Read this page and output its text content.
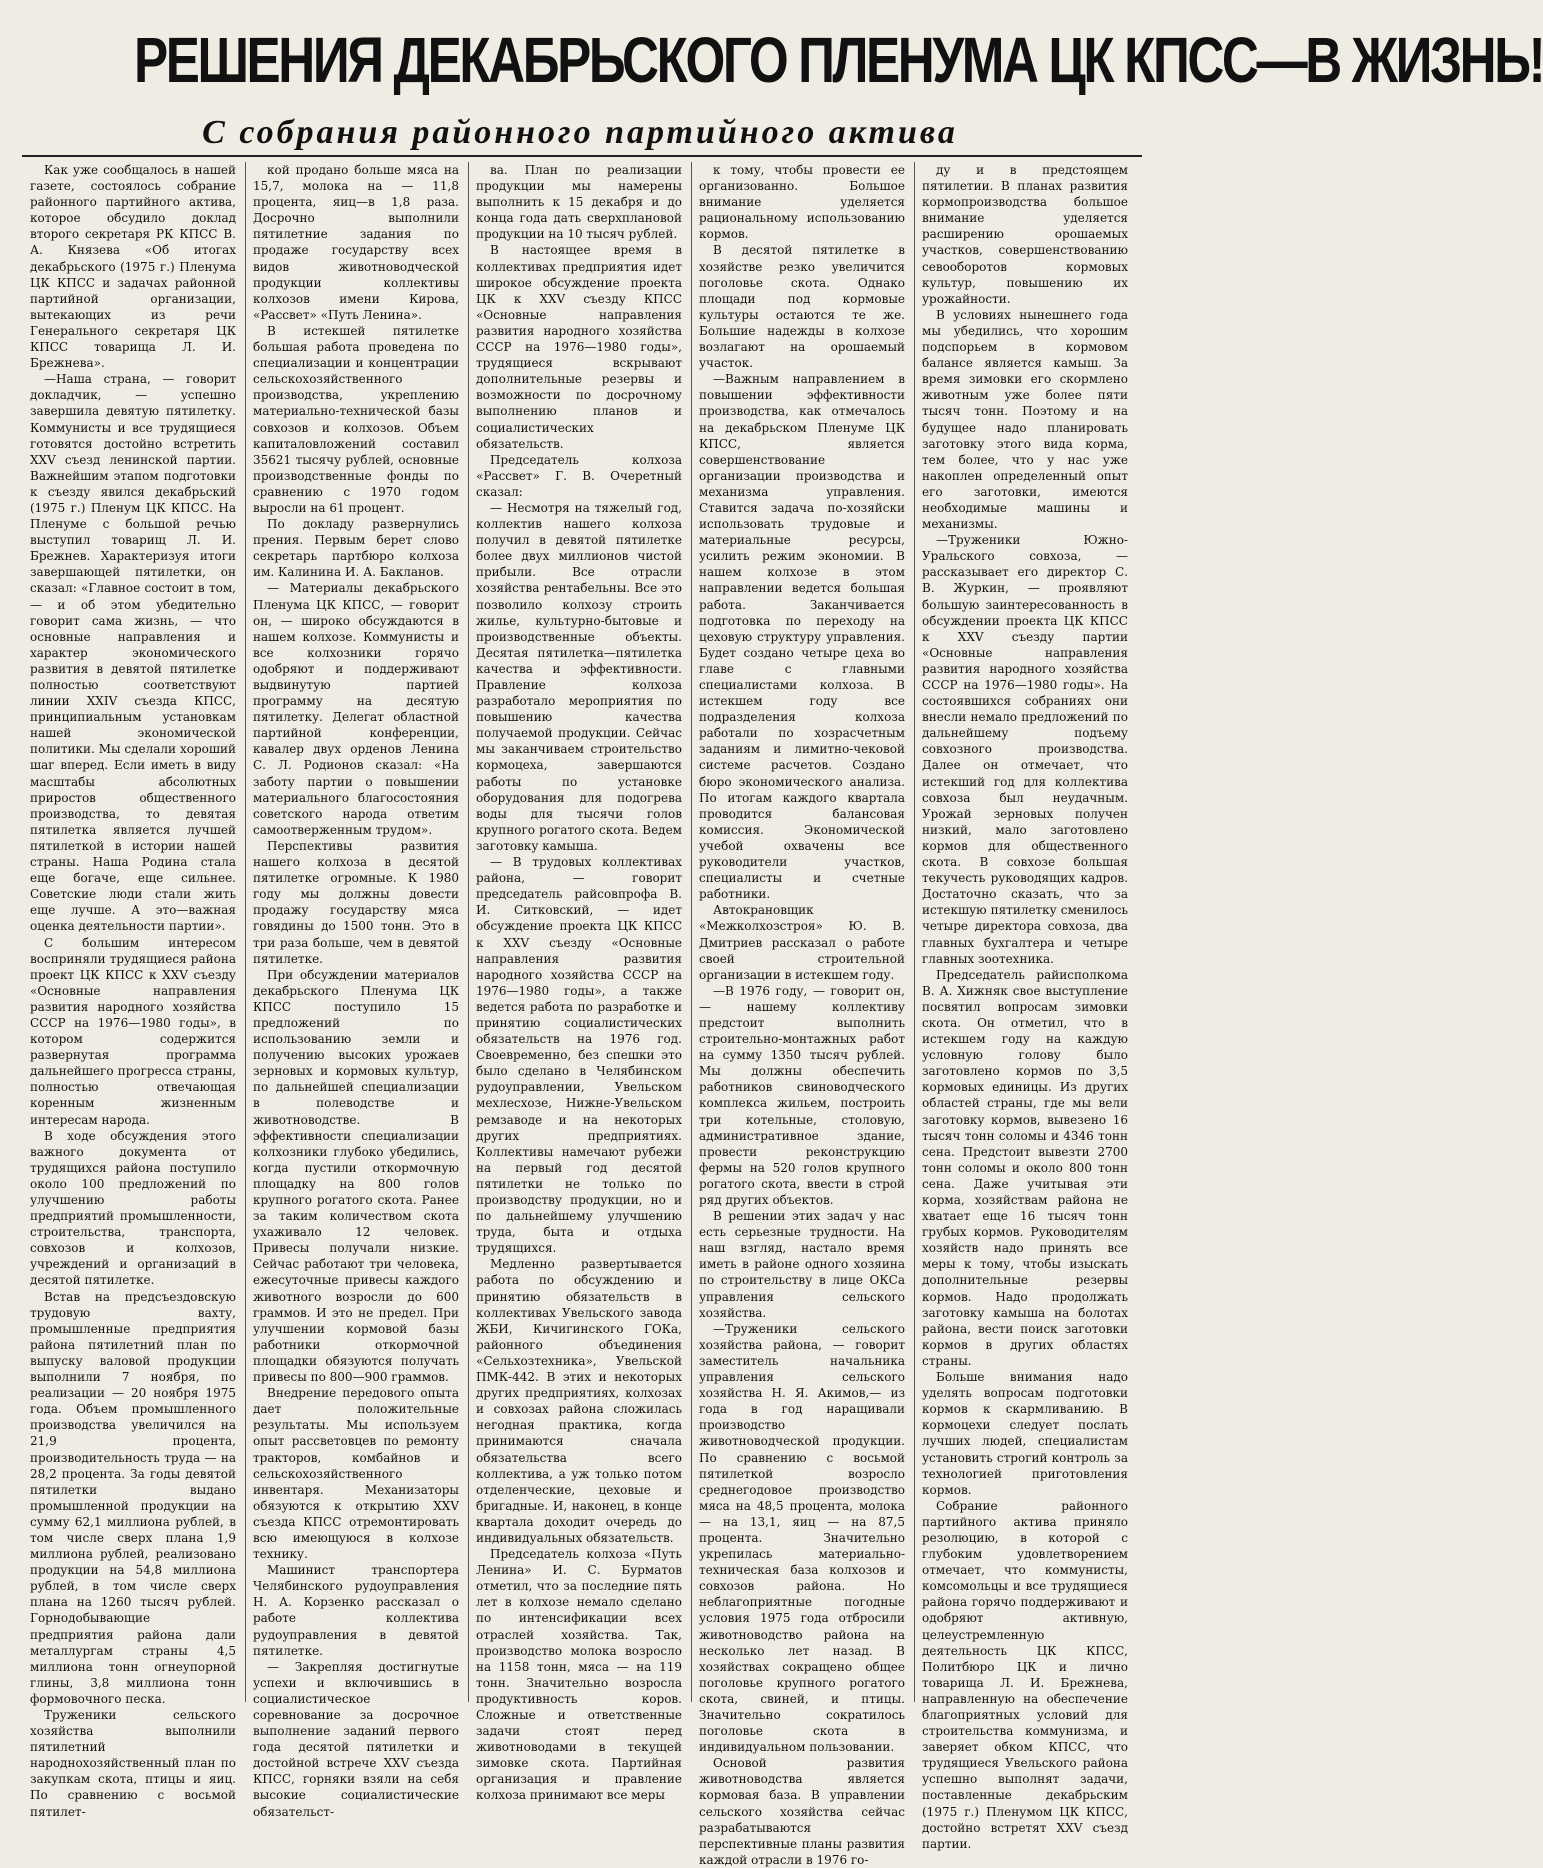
РЕШЕНИЯ ДЕКАБРЬСКОГО ПЛЕНУМА ЦК КПСС—В ЖИЗНЬ!
С собрания районного партийного актива

Как уже сообщалось в нашей газете, состоялось собрание районного партийного актива, которое обсудило доклад второго секретаря РК КПСС В. А. Князева «Об итогах декабрьского (1975 г.) Пленума ЦК КПСС и задачах районной партийной организации, вытекающих из речи Генерального секретаря ЦК КПСС товарища Л. И. Брежнева».

—Наша страна, — говорит докладчик, — успешно завершила девятую пятилетку. Коммунисты и все трудящиеся готовятся достойно встретить XXV съезд ленинской партии. Важнейшим этапом подготовки к съезду явился декабрьский (1975 г.) Пленум ЦК КПСС. На Пленуме с большой речью выступил товарищ Л. И. Брежнев. Характеризуя итоги завершающей пятилетки, он сказал: «Главное состоит в том, — и об этом убедительно говорит сама жизнь, — что основные направления и характер экономического развития в девятой пятилетке полностью соответствуют линии XXIV съезда КПСС, принципиальным установкам нашей экономической политики. Мы сделали хороший шаг вперед. Если иметь в виду масштабы абсолютных приростов общественного производства, то девятая пятилетка является лучшей пятилеткой в истории нашей страны. Наша Родина стала еще богаче, еще сильнее. Советские люди стали жить еще лучше. А это—важная оценка деятельности партии».

С большим интересом восприняли трудящиеся района проект ЦК КПСС к XXV съезду «Основные направления развития народного хозяйства СССР на 1976—1980 годы», в котором содержится развернутая программа дальнейшего прогресса страны, полностью отвечающая коренным жизненным интересам народа.

В ходе обсуждения этого важного документа от трудящихся района поступило около 100 предложений по улучшению работы предприятий промышленности, строительства, транспорта, совхозов и колхозов, учреждений и организаций в десятой пятилетке.

Встав на предсъездовскую трудовую вахту, промышленные предприятия района пятилетний план по выпуску валовой продукции выполнили 7 ноября, по реализации — 20 ноября 1975 года. Объем промышленного производства увеличился на 21,9 процента, производительность труда — на 28,2 процента. За годы девятой пятилетки выдано промышленной продукции на сумму 62,1 миллиона рублей, в том числе сверх плана 1,9 миллиона рублей, реализовано продукции на 54,8 миллиона рублей, в том числе сверх плана на 1260 тысяч рублей. Горнодобывающие предприятия района дали металлургам страны 4,5 миллиона тонн огнеупорной глины, 3,8 миллиона тонн формовочного песка.

Труженики сельского хозяйства выполнили пятилетний народнохозяйственный план по закупкам скота, птицы и яиц. По сравнению с восьмой пятилет-

кой продано больше мяса на 15,7, молока на — 11,8 процента, яиц—в 1,8 раза. Досрочно выполнили пятилетние задания по продаже государству всех видов животноводческой продукции коллективы колхозов имени Кирова, «Рассвет» «Путь Ленина».

В истекшей пятилетке большая работа проведена по специализации и концентрации сельскохозяйственного производства, укреплению материально-технической базы совхозов и колхозов. Объем капиталовложений составил 35621 тысячу рублей, основные производственные фонды по сравнению с 1970 годом выросли на 61 процент.

По докладу развернулись прения. Первым берет слово секретарь партбюро колхоза им. Калинина И. А. Бакланов.

— Материалы декабрьского Пленума ЦК КПСС, — говорит он, — широко обсуждаются в нашем колхозе. Коммунисты и все колхозники горячо одобряют и поддерживают выдвинутую партией программу на десятую пятилетку. Делегат областной партийной конференции, кавалер двух орденов Ленина С. Л. Родионов сказал: «На заботу партии о повышении материального благосостояния советского народа ответим самоотверженным трудом».

Перспективы развития нашего колхоза в десятой пятилетке огромные. К 1980 году мы должны довести продажу государству мяса говядины до 1500 тонн. Это в три раза больше, чем в девятой пятилетке.

При обсуждении материалов декабрьского Пленума ЦК КПСС поступило 15 предложений по использованию земли и получению высоких урожаев зерновых и кормовых культур, по дальнейшей специализации в полеводстве и животноводстве. В эффективности специализации колхозники глубоко убедились, когда пустили откормочную площадку на 800 голов крупного рогатого скота. Ранее за таким количеством скота ухаживало 12 человек. Привесы получали низкие. Сейчас работают три человека, ежесуточные привесы каждого животного возросли до 600 граммов. И это не предел. При улучшении кормовой базы работники откормочной площадки обязуются получать привесы по 800—900 граммов.

Внедрение передового опыта дает положительные результаты. Мы используем опыт рассветовцев по ремонту тракторов, комбайнов и сельскохозяйственного инвентаря. Механизаторы обязуются к открытию XXV съезда КПСС отремонтировать всю имеющуюся в колхозе технику.

Машинист транспортера Челябинского рудоуправления Н. А. Корзенко рассказал о работе коллектива рудоуправления в девятой пятилетке.

— Закрепляя достигнутые успехи и включившись в социалистическое соревнование за досрочное выполнение заданий первого года десятой пятилетки и достойной встрече XXV съезда КПСС, горняки взяли на себя высокие социалистические обязательст-

ва. План по реализации продукции мы намерены выполнить к 15 декабря и до конца года дать сверхплановой продукции на 10 тысяч рублей.

В настоящее время в коллективах предприятия идет широкое обсуждение проекта ЦК к XXV съезду КПСС «Основные направления развития народного хозяйства СССР на 1976—1980 годы», трудящиеся вскрывают дополнительные резервы и возможности по досрочному выполнению планов и социалистических обязательств.

Председатель колхоза «Рассвет» Г. В. Очеретный сказал:

— Несмотря на тяжелый год, коллектив нашего колхоза получил в девятой пятилетке более двух миллионов чистой прибыли. Все отрасли хозяйства рентабельны. Все это позволило колхозу строить жилье, культурно-бытовые и производственные объекты. Десятая пятилетка—пятилетка качества и эффективности. Правление колхоза разработало мероприятия по повышению качества получаемой продукции. Сейчас мы заканчиваем строительство кормоцеха, завершаются работы по установке оборудования для подогрева воды для тысячи голов крупного рогатого скота. Ведем заготовку камыша.

— В трудовых коллективах района, — говорит председатель райсовпрофа В. И. Ситковский, — идет обсуждение проекта ЦК КПСС к XXV съезду «Основные направления развития народного хозяйства СССР на 1976—1980 годы», а также ведется работа по разработке и принятию социалистических обязательств на 1976 год. Своевременно, без спешки это было сделано в Челябинском рудоуправлении, Увельском мехлесхозе, Нижне-Увельском ремзаводе и на некоторых других предприятиях. Коллективы намечают рубежи на первый год десятой пятилетки не только по производству продукции, но и по дальнейшему улучшению труда, быта и отдыха трудящихся.

Медленно развертывается работа по обсуждению и принятию обязательств в коллективах Увельского завода ЖБИ, Кичигинского ГОКа, районного объединения «Сельхозтехника», Увельской ПМК-442. В этих и некоторых других предприятиях, колхозах и совхозах района сложилась негодная практика, когда принимаются сначала обязательства всего коллектива, а уж только потом отделенческие, цеховые и бригадные. И, наконец, в конце квартала доходит очередь до индивидуальных обязательств.

Председатель колхоза «Путь Ленина» И. С. Бурматов отметил, что за последние пять лет в колхозе немало сделано по интенсификации всех отраслей хозяйства. Так, производство молока возросло на 1158 тонн, мяса — на 119 тонн. Значительно возросла продуктивность коров. Сложные и ответственные задачи стоят перед животноводами в текущей зимовке скота. Партийная организация и правление колхоза принимают все меры

к тому, чтобы провести ее организованно. Большое внимание уделяется рациональному использованию кормов.

В десятой пятилетке в хозяйстве резко увеличится поголовье скота. Однако площади под кормовые культуры остаются те же. Большие надежды в колхозе возлагают на орошаемый участок.

—Важным направлением в повышении эффективности производства, как отмечалось на декабрьском Пленуме ЦК КПСС, является совершенствование организации производства и механизма управления. Ставится задача по-хозяйски использовать трудовые и материальные ресурсы, усилить режим экономии. В нашем колхозе в этом направлении ведется большая работа. Заканчивается подготовка по переходу на цеховую структуру управления. Будет создано четыре цеха во главе с главными специалистами колхоза. В истекшем году все подразделения колхоза работали по хозрасчетным заданиям и лимитно-чековой системе расчетов. Создано бюро экономического анализа. По итогам каждого квартала проводится балансовая комиссия. Экономической учебой охвачены все руководители участков, специалисты и счетные работники.

Автокрановщик «Межколхозстроя» Ю. В. Дмитриев рассказал о работе своей строительной организации в истекшем году.

—В 1976 году, — говорит он, — нашему коллективу предстоит выполнить строительно-монтажных работ на сумму 1350 тысяч рублей. Мы должны обеспечить работников свиноводческого комплекса жильем, построить три котельные, столовую, административное здание, провести реконструкцию фермы на 520 голов крупного рогатого скота, ввести в строй ряд других объектов.

В решении этих задач у нас есть серьезные трудности. На наш взгляд, настало время иметь в районе одного хозяина по строительству в лице ОКСа управления сельского хозяйства.

—Труженики сельского хозяйства района, — говорит заместитель начальника управления сельского хозяйства Н. Я. Акимов,— из года в год наращивали производство животноводческой продукции. По сравнению с восьмой пятилеткой возросло среднегодовое производство мяса на 48,5 процента, молока — на 13,1, яиц — на 87,5 процента. Значительно укрепилась материально-техническая база колхозов и совхозов района. Но неблагоприятные погодные условия 1975 года отбросили животноводство района на несколько лет назад. В хозяйствах сокращено общее поголовье крупного рогатого скота, свиней, и птицы. Значительно сократилось поголовье скота в индивидуальном пользовании.

Основой развития животноводства является кормовая база. В управлении сельского хозяйства сейчас разрабатываются перспективные планы развития каждой отрасли в 1976 го-

ду и в предстоящем пятилетии. В планах развития кормопроизводства большое внимание уделяется расширению орошаемых участков, совершенствованию севооборотов кормовых культур, повышению их урожайности.

В условиях нынешнего года мы убедились, что хорошим подспорьем в кормовом балансе является камыш. За время зимовки его скормлено животным уже более пяти тысяч тонн. Поэтому и на будущее надо планировать заготовку этого вида корма, тем более, что у нас уже накоплен определенный опыт его заготовки, имеются необходимые машины и механизмы.

—Труженики Южно-Уральского совхоза, — рассказывает его директор С. В. Журкин, — проявляют большую заинтересованность в обсуждении проекта ЦК КПСС к XXV съезду партии «Основные направления развития народного хозяйства СССР на 1976—1980 годы». На состоявшихся собраниях они внесли немало предложений по дальнейшему подъему совхозного производства. Далее он отмечает, что истекший год для коллектива совхоза был неудачным. Урожай зерновых получен низкий, мало заготовлено кормов для общественного скота. В совхозе большая текучесть руководящих кадров. Достаточно сказать, что за истекшую пятилетку сменилось четыре директора совхоза, два главных бухгалтера и четыре главных зоотехника.

Председатель райисполкома В. А. Хижняк свое выступление посвятил вопросам зимовки скота. Он отметил, что в истекшем году на каждую условную голову было заготовлено кормов по 3,5 кормовых единицы. Из других областей страны, где мы вели заготовку кормов, вывезено 16 тысяч тонн соломы и 4346 тонн сена. Предстоит вывезти 2700 тонн соломы и около 800 тонн сена. Даже учитывая эти корма, хозяйствам района не хватает еще 16 тысяч тонн грубых кормов. Руководителям хозяйств надо принять все меры к тому, чтобы изыскать дополнительные резервы кормов. Надо продолжать заготовку камыша на болотах района, вести поиск заготовки кормов в других областях страны.

Больше внимания надо уделять вопросам подготовки кормов к скармливанию. В кормоцехи следует послать лучших людей, специалистам установить строгий контроль за технологией приготовления кормов.

Собрание районного партийного актива приняло резолюцию, в которой с глубоким удовлетворением отмечает, что коммунисты, комсомольцы и все трудящиеся района горячо поддерживают и одобряют активную, целеустремленную деятельность ЦК КПСС, Политбюро ЦК и лично товарища Л. И. Брежнева, направленную на обеспечение благоприятных условий для строительства коммунизма, и заверяет обком КПСС, что трудящиеся Увельского района успешно выполнят задачи, поставленные декабрьским (1975 г.) Пленумом ЦК КПСС, достойно встретят XXV съезд партии.
